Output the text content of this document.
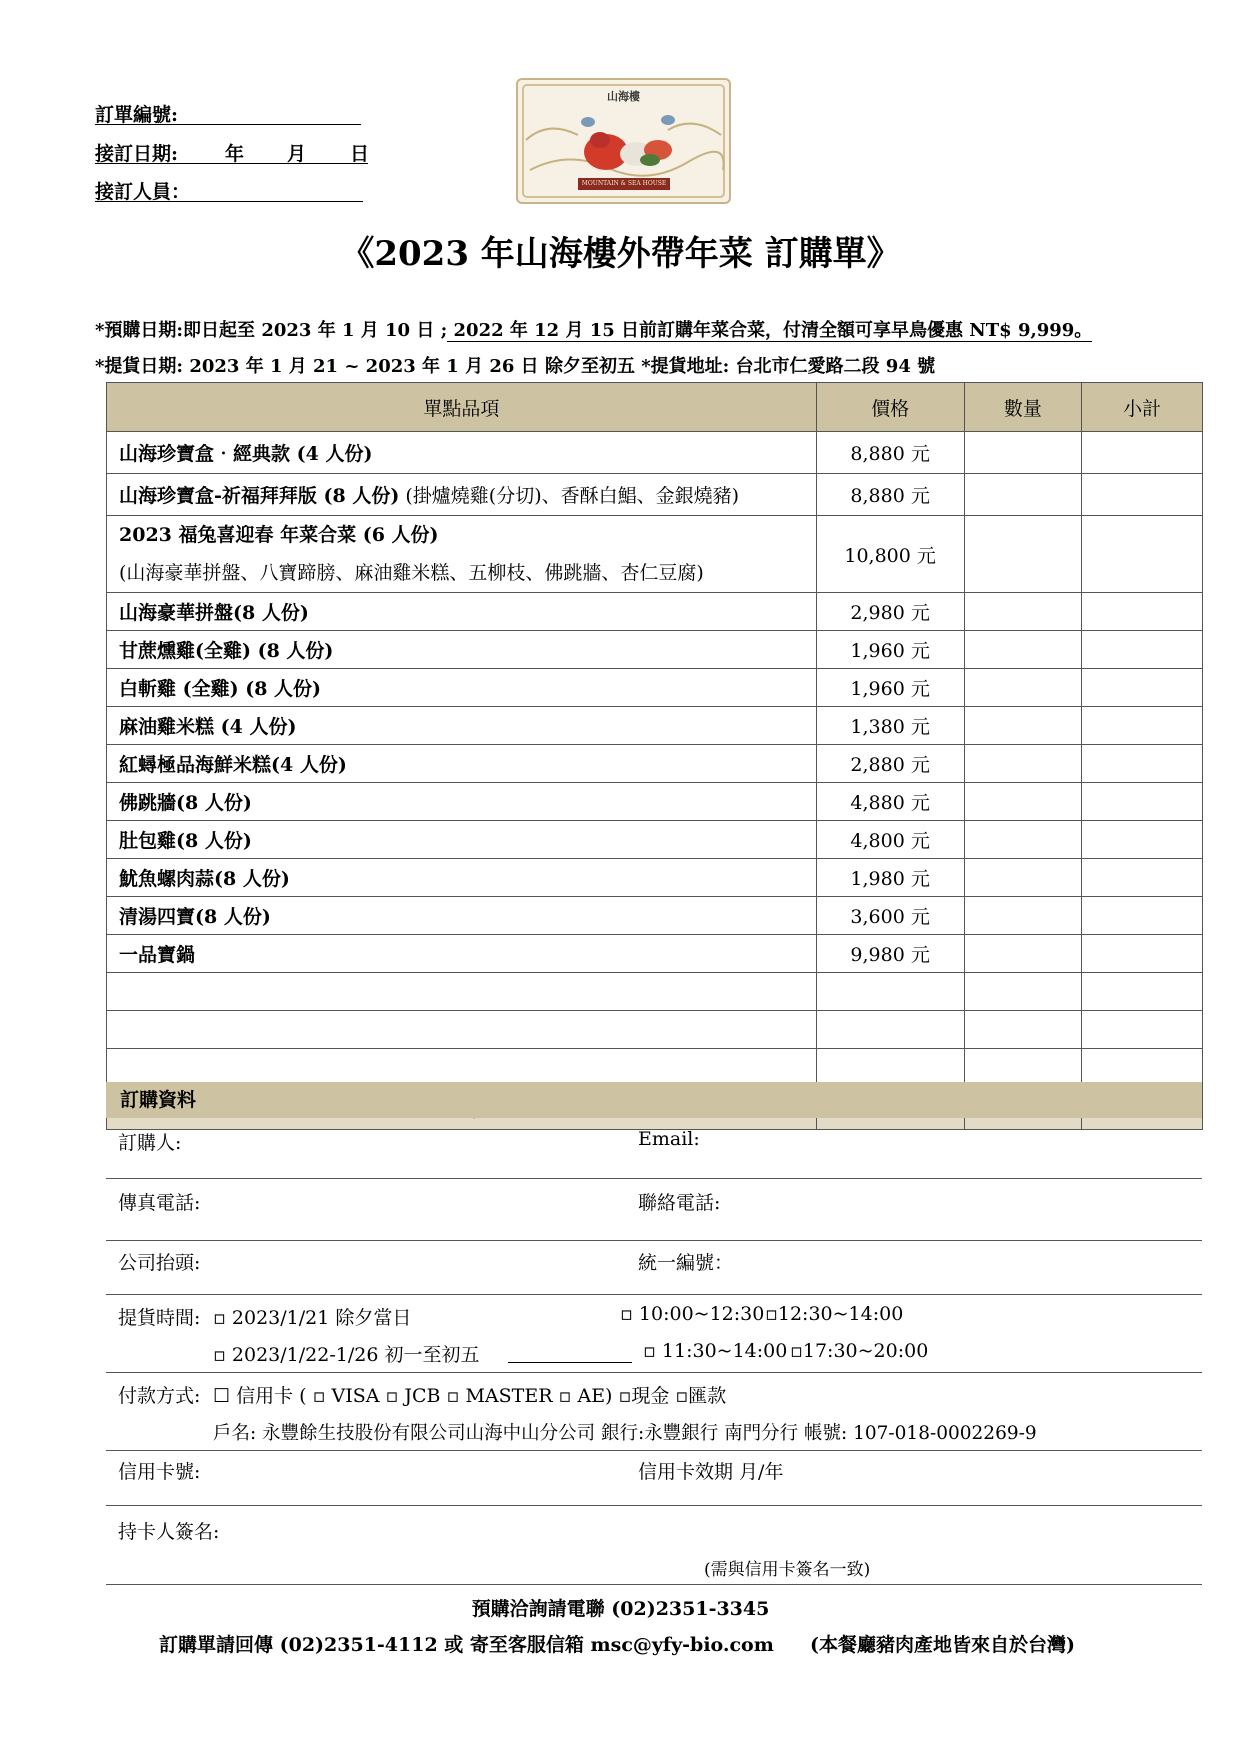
訂單編號:
接訂日期: 年 月 日
接訂人員：
山海樓
MOUNTAIN & SEA HOUSE
《2023 年山海樓外帶年菜 訂購單》
*預購日期:即日起至 2023 年 1 月 10 日 ; 2022 年 12 月 15 日前訂購年菜合菜，付清全額可享早鳥優惠 NT$ 9,999。
*提貨日期: 2023 年 1 月 21 ~ 2023 年 1 月 26 日 除夕至初五 *提貨地址: 台北市仁愛路二段 94 號
單點品項	價格	數量	小計
山海珍寶盒‧經典款 (4 人份)	8,880 元		
山海珍寶盒-祈福拜拜版 (8 人份) (掛爐燒雞(分切)、香酥白鯧、金銀燒豬)	8,880 元		
2023 福兔喜迎春 年菜合菜 (6 人份)
(山海豪華拼盤、八寶蹄膀、麻油雞米糕、五柳枝、佛跳牆、杏仁豆腐)	10,800 元		
山海豪華拼盤(8 人份)	2,980 元		
甘蔗燻雞(全雞) (8 人份)	1,960 元		
白斬雞 (全雞) (8 人份)	1,960 元		
麻油雞米糕 (4 人份)	1,380 元		
紅蟳極品海鮮米糕(4 人份)	2,880 元		
佛跳牆(8 人份)	4,880 元		
肚包雞(8 人份)	4,800 元		
魷魚螺肉蒜(8 人份)	1,980 元		
清湯四寶(8 人份)	3,600 元		
一品寶鍋	9,980 元		

訂購資料
訂購人:	Email:
傳真電話:	聯絡電話:
公司抬頭:	統一編號：
提貨時間: ▫ 2023/1/21 除夕當日	▫ 10:00~12:30 ▫12:30~14:00
▫ 2023/1/22-1/26 初一至初五	▫ 11:30~14:00 ▫17:30~20:00
付款方式: ☐ 信用卡 ( ▫ VISA ▫ JCB ▫ MASTER ▫ AE) ▫現金 ▫匯款
戶名: 永豐餘生技股份有限公司山海中山分公司 銀行:永豐銀行 南門分行 帳號: 107-018-0002269-9
信用卡號:	信用卡效期 月/年
持卡人簽名:
(需與信用卡簽名一致)
預購洽詢請電聯 (02)2351-3345
訂購單請回傳 (02)2351-4112 或 寄至客服信箱 msc@yfy-bio.com (本餐廳豬肉產地皆來自於台灣)
